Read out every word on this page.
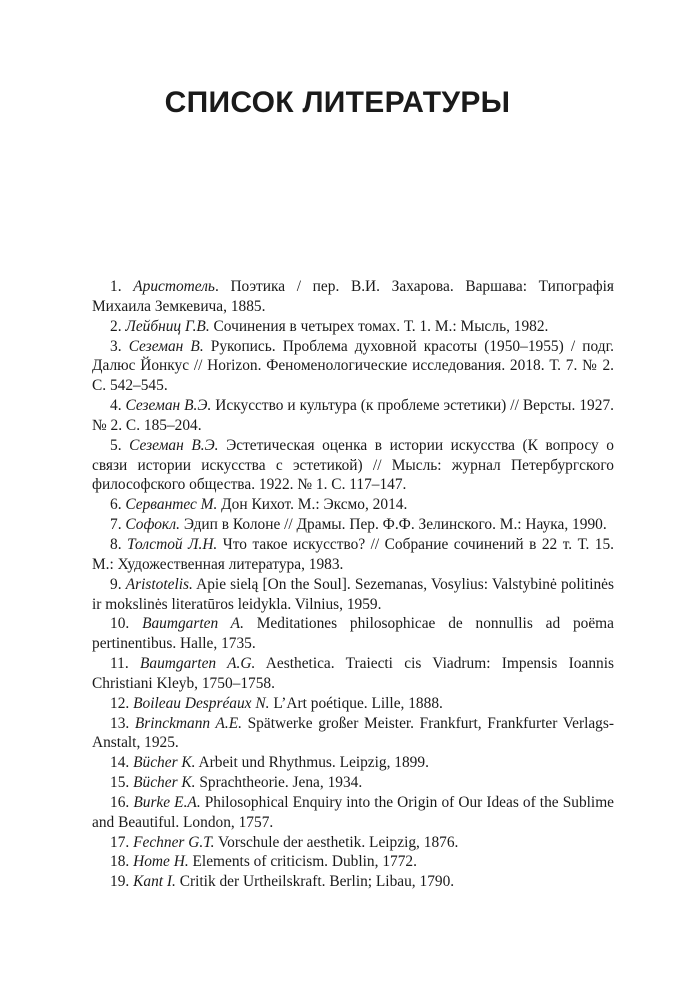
СПИСОК ЛИТЕРАТУРЫ
1. Аристотель. Поэтика / пер. В.И. Захарова. Варшава: Типографія Михаила Земкевича, 1885.
2. Лейбниц Г.В. Сочинения в четырех томах. Т. 1. М.: Мысль, 1982.
3. Сеземан В. Рукопись. Проблема духовной красоты (1950–1955) / подг. Далюс Йонкус // Horizon. Феноменологические исследования. 2018. Т. 7. № 2. С. 542–545.
4. Сеземан В.Э. Искусство и культура (к проблеме эстетики) // Версты. 1927. № 2. С. 185–204.
5. Сеземан В.Э. Эстетическая оценка в истории искусства (К вопросу о связи истории искусства с эстетикой) // Мысль: журнал Петербургского философского общества. 1922. № 1. С. 117–147.
6. Сервантес М. Дон Кихот. М.: Эксмо, 2014.
7. Софокл. Эдип в Колоне // Драмы. Пер. Ф.Ф. Зелинского. М.: Наука, 1990.
8. Толстой Л.Н. Что такое искусство? // Собрание сочинений в 22 т. Т. 15. М.: Художественная литература, 1983.
9. Aristotelis. Apie sielą [On the Soul]. Sezemanas, Vosylius: Valstybinė politinės ir mokslinės literatūros leidykla. Vilnius, 1959.
10. Baumgarten A. Meditationes philosophicae de nonnullis ad poëma pertinentibus. Halle, 1735.
11. Baumgarten A.G. Aesthetica. Traiecti cis Viadrum: Impensis Ioannis Christiani Kleyb, 1750–1758.
12. Boileau Despréaux N. L’Art poétique. Lille, 1888.
13. Brinckmann A.E. Spätwerke großer Meister. Frankfurt, Frankfurter Verlags-Anstalt, 1925.
14. Bücher K. Arbeit und Rhythmus. Leipzig, 1899.
15. Bücher K. Sprachtheorie. Jena, 1934.
16. Burke E.A. Philosophical Enquiry into the Origin of Our Ideas of the Sublime and Beautiful. London, 1757.
17. Fechner G.T. Vorschule der aesthetik. Leipzig, 1876.
18. Home H. Elements of criticism. Dublin, 1772.
19. Kant I. Critik der Urtheilskraft. Berlin; Libau, 1790.
